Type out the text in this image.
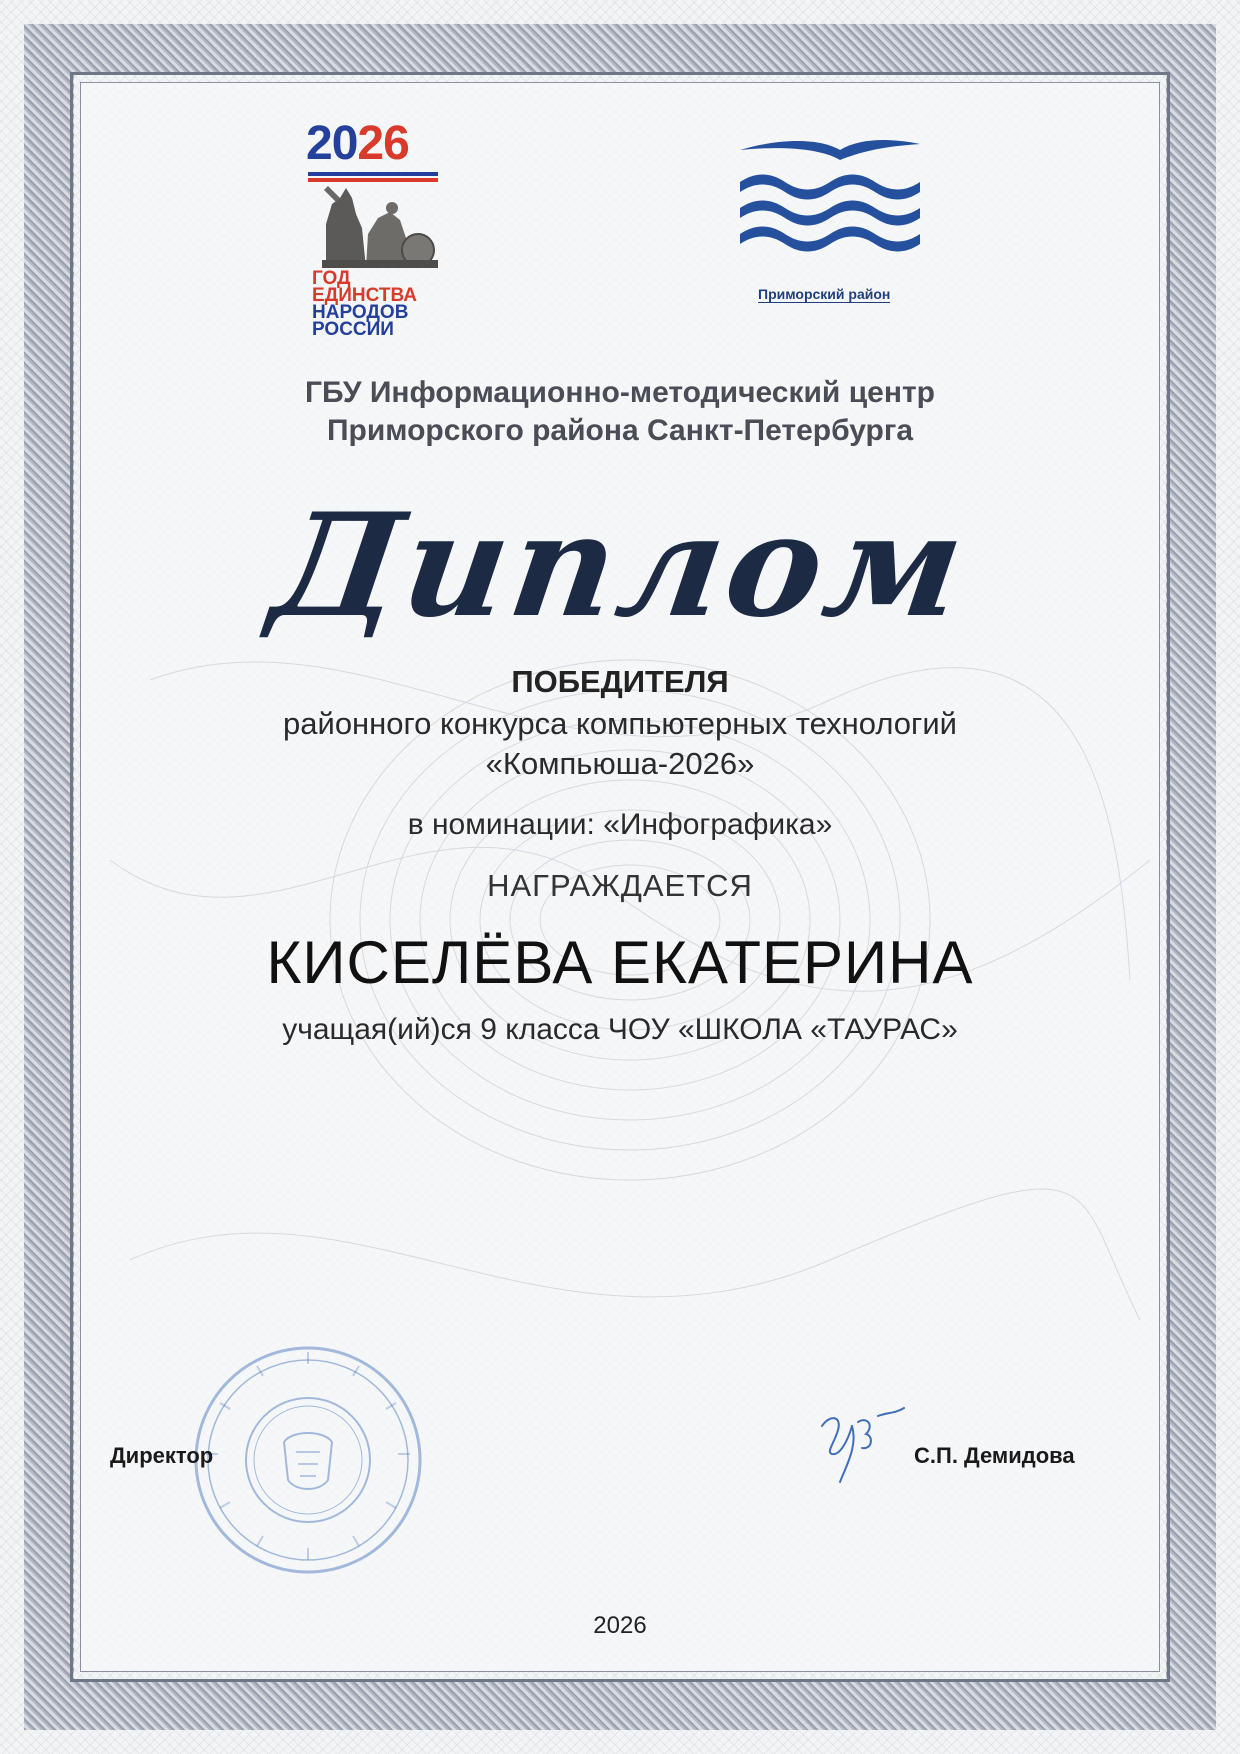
2026
ГОД
ЕДИНСТВА
НАРОДОВ
РОССИИ
Приморский район
ГБУ Информационно-методический центр
Приморского района Санкт-Петербурга
Диплом
ПОБЕДИТЕЛЯ
районного конкурса компьютерных технологий
«Компьюша-2026»
в номинации: «Инфографика»
НАГРАЖДАЕТСЯ
КИСЕЛЁВА ЕКАТЕРИНА
учащая(ий)ся 9 класса ЧОУ «ШКОЛА «ТАУРАС»
Директор	С.П. Демидова
2026
